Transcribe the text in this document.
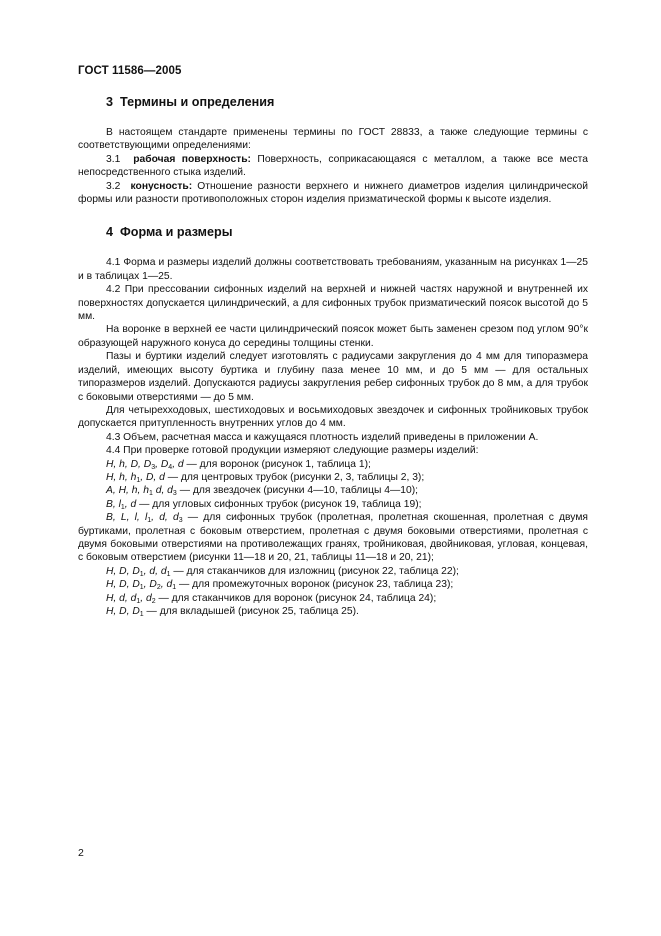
ГОСТ 11586—2005
3 Термины и определения

В настоящем стандарте применены термины по ГОСТ 28833, а также следующие термины с соответствующими определениями:

3.1 рабочая поверхность: Поверхность, соприкасающаяся с металлом, а также все места непосредственного стыка изделий.

3.2 конусность: Отношение разности верхнего и нижнего диаметров изделия цилиндрической формы или разности противоположных сторон изделия призматической формы к высоте изделия.

4 Форма и размеры

4.1 Форма и размеры изделий должны соответствовать требованиям, указанным на рисунках 1—25 и в таблицах 1—25.

4.2 При прессовании сифонных изделий на верхней и нижней частях наружной и внутренней их поверхностях допускается цилиндрический, а для сифонных трубок призматический поясок высотой до 5 мм.

На воронке в верхней ее части цилиндрический поясок может быть заменен срезом под углом 90°к образующей наружного конуса до середины толщины стенки.

Пазы и буртики изделий следует изготовлять с радиусами закругления до 4 мм для типоразмера изделий, имеющих высоту буртика и глубину паза менее 10 мм, и до 5 мм — для остальных типоразмеров изделий. Допускаются радиусы закругления ребер сифонных трубок до 8 мм, а для трубок с боковыми отверстиями — до 5 мм.

Для четырехходовых, шестиходовых и восьмиходовых звездочек и сифонных тройниковых трубок допускается притупленность внутренних углов до 4 мм.

4.3 Объем, расчетная масса и кажущаяся плотность изделий приведены в приложении А.

4.4 При проверке готовой продукции измеряют следующие размеры изделий:

H, h, D, $D_3$, $D_4$, d — для воронок (рисунок 1, таблица 1);

H, h, $h_1$, D, d — для центровых трубок (рисунки 2, 3, таблицы 2, 3);

A, H, h, $h_1$ d, $d_3$ — для звездочек (рисунки 4—10, таблицы 4—10);

B, $l_1$, d — для угловых сифонных трубок (рисунок 19, таблица 19);

B, L, l, $l_1$, d, $d_3$ — для сифонных трубок (пролетная, пролетная скошенная, пролетная с двумя буртиками, пролетная с боковым отверстием, пролетная с двумя боковыми отверстиями, пролетная с двумя боковыми отверстиями на противолежащих гранях, тройниковая, двойниковая, угловая, концевая, с боковым отверстием (рисунки 11—18 и 20, 21, таблицы 11—18 и 20, 21);

H, D, $D_1$, d, $d_1$ — для стаканчиков для изложниц (рисунок 22, таблица 22);

H, D, $D_1$, $D_2$, $d_1$ — для промежуточных воронок (рисунок 23, таблица 23);

H, d, $d_1$, $d_2$ — для стаканчиков для воронок (рисунок 24, таблица 24);

H, D, $D_1$ — для вкладышей (рисунок 25, таблица 25).

2
